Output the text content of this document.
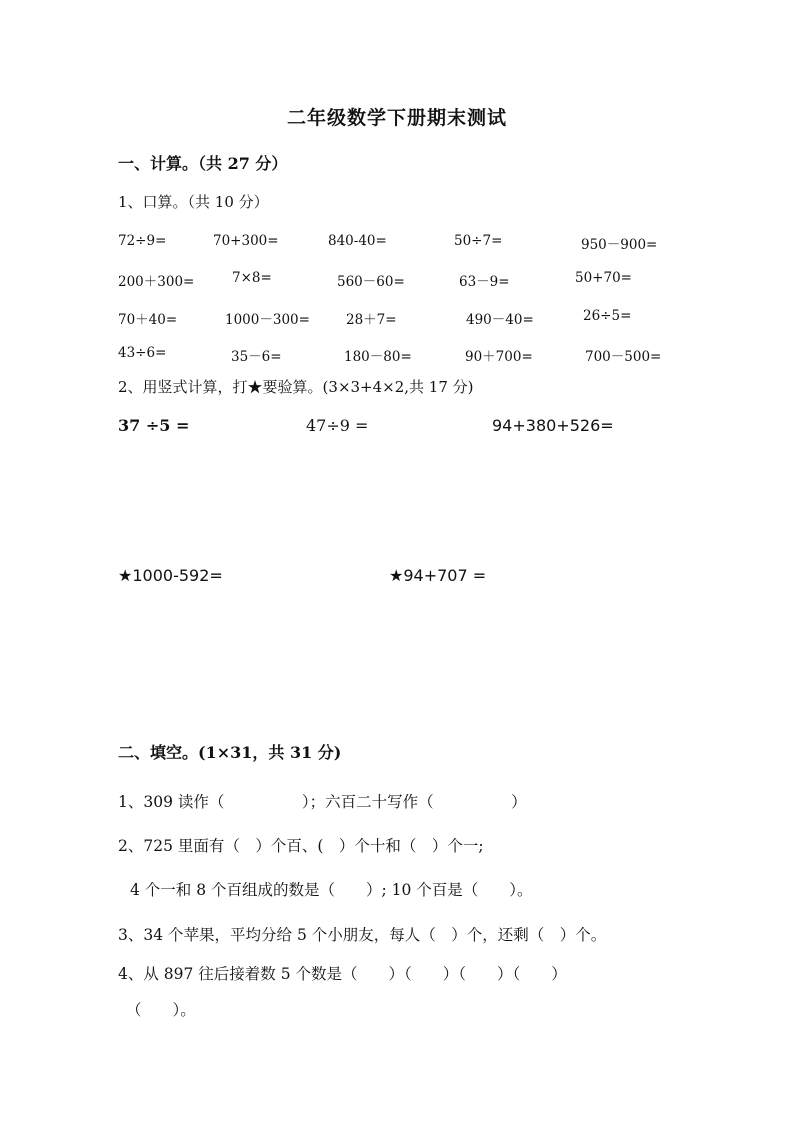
二年级数学下册期末测试
一、计算。（共 27 分）
1、口算。（共 10 分）
72÷9=	70+300=	840-40=	50÷7=	950－900=
200＋300=	7×8=	560－60=	63－9=	50+70=
70＋40=	1000－300=	28＋7=	490－40=	26÷5=
43÷6=	35－6=	180－80=	90＋700=	700－500=
2、用竖式计算，打★要验算。(3×3+4×2,共 17 分)
37 ÷5 =	47÷9 =	94+380+526=
★1000-592=	★94+707 =
二、填空。(1×31，共 31 分)
1、309 读作（　　　　　）；六百二十写作（　　　　　）
2、725 里面有（　）个百、(　）个十和（　）个一;
4 个一和 8 个百组成的数是（　　）; 10 个百是（　　）。
3、34 个苹果，平均分给 5 个小朋友，每人（　）个，还剩（　）个。
4、从 897 往后接着数 5 个数是（　　）（　　）（　　）（　　）
（　　）。
